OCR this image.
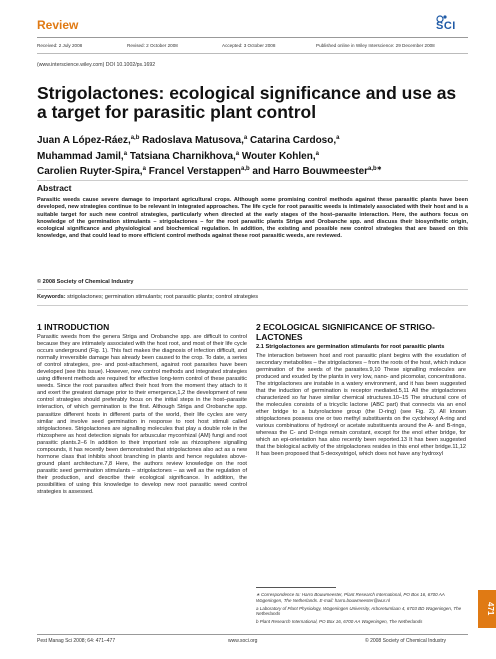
Review	SCI
Received: 2 July 2008	Revised: 2 October 2008	Accepted: 3 October 2008	Published online in Wiley Interscience: 29 December 2008
(www.interscience.wiley.com) DOI 10.1002/ps.1692
Strigolactones: ecological significance and use as a target for parasitic plant control

Juan A López-Ráez,$^{a,b}$ Radoslava Matusova,$^a$ Catarina Cardoso,$^a$

Muhammad Jamil,$^a$ Tatsiana Charnikhova,$^a$ Wouter Kohlen,$^a$

Carolien Ruyter-Spira,$^a$ Francel Verstappen$^{a,b}$ and Harro Bouwmeester$^{a,b∗}$

Abstract

Parasitic weeds cause severe damage to important agricultural crops. Although some promising control methods against these parasitic plants have been developed, new strategies continue to be relevant in integrated approaches. The life cycle for root parasitic weeds is intimately associated with their host and is a suitable target for such new control strategies, particularly when directed at the early stages of the host–parasite interaction. Here, the authors focus on knowledge of the germination stimulants – strigolactones – for the root parasitic plants Striga and Orobanche spp. and discuss their biosynthetic origin, ecological significance and physiological and biochemical regulation. In addition, the existing and possible new control strategies that are based on this knowledge, and that could lead to more efficient control methods against these root parasitic weeds, are reviewed.

© 2008 Society of Chemical Industry

Keywords: strigolactones; germination stimulants; root parasitic plants; control strategies

1 INTRODUCTION

Parasitic weeds from the genera Striga and Orobanche spp. are difficult to control because they are intimately associated with the host root, and most of their life cycle occurs underground (Fig. 1). This fact makes the diagnosis of infection difficult, and normally irreversible damage has already been caused to the crop. To date, a series of control strategies, pre- and post-attachment, against root parasites have been developed (see this issue). However, new control methods and integrated strategies using different methods are required for effective long-term control of these parasitic weeds. Since the root parasites affect their host from the moment they attach to it and exert the greatest damage prior to their emergence,1,2 the development of new control strategies should preferably focus on the initial steps in the host–parasite interaction, of which germination is the first. Although Striga and Orobanche spp. parasitize different hosts in different parts of the world, their life cycles are very similar and involve seed germination in response to root host stimuli called strigolactones. Strigolactones are signalling molecules that play a double role in the rhizosphere as host detection signals for arbuscular mycorrhizal (AM) fungi and root parasitic plants.2–6 In addition to their important role as rhizosphere signalling compounds, it has recently been demonstrated that strigolactones also act as a new hormone class that inhibits shoot branching in plants and hence regulates above-ground plant architecture.7,8 Here, the authors review knowledge on the root parasitic seed germination stimulants – strigolactones – as well as the regulation of their production, and describe their ecological significance. In addition, the possibilities of using this knowledge to develop new root parasitic weed control strategies is assessed.

2 ECOLOGICAL SIGNIFICANCE OF STRIGO-LACTONES
2.1 Strigolactones are germination stimulants for root parasitic plants

The interaction between host and root parasitic plant begins with the exudation of secondary metabolites – the strigolactones – from the roots of the host, which induce germination of the seeds of the parasites.9,10 These signalling molecules are produced and exuded by the plants in very low, nano- and picomolar, concentrations. The strigolactones are instable in a watery environment, and it has been suggested that the induction of germination is receptor mediated.5,11 All the strigolactones characterized so far have similar chemical structures.10–15 The structural core of the molecules consists of a tricyclic lactone (ABC part) that connects via an enol ether bridge to a butyrolactone group (the D-ring) (see Fig. 2). All known strigolactones possess one or two methyl substituents on the cyclohexyl A-ring and various combinations of hydroxyl or acetate substituents around the A- and B-rings, whereas the C- and D-rings remain constant, except for the enol ether bridge, for which an epi-orientation has also recently been reported.13 It has been suggested that the biological activity of the strigolactones resides in this enol ether bridge.11,12 It has been proposed that 5-deoxystrigol, which does not have any hydroxyl

∗ Correspondence to: Harro Bouwmeester, Plant Research International, PO Box 16, 6700 AA Wageningen, The Netherlands. E-mail: harro.bouwmeester@wur.nl

a Laboratory of Plant Physiology, Wageningen University, Arboretumlaan 4, 6703 BD Wageningen, The Netherlands

b Plant Research International, PO Box 16, 6700 AA Wageningen, The Netherlands

471
Pest Manag Sci 2008; 64: 471–477	www.soci.org	© 2008 Society of Chemical Industry
